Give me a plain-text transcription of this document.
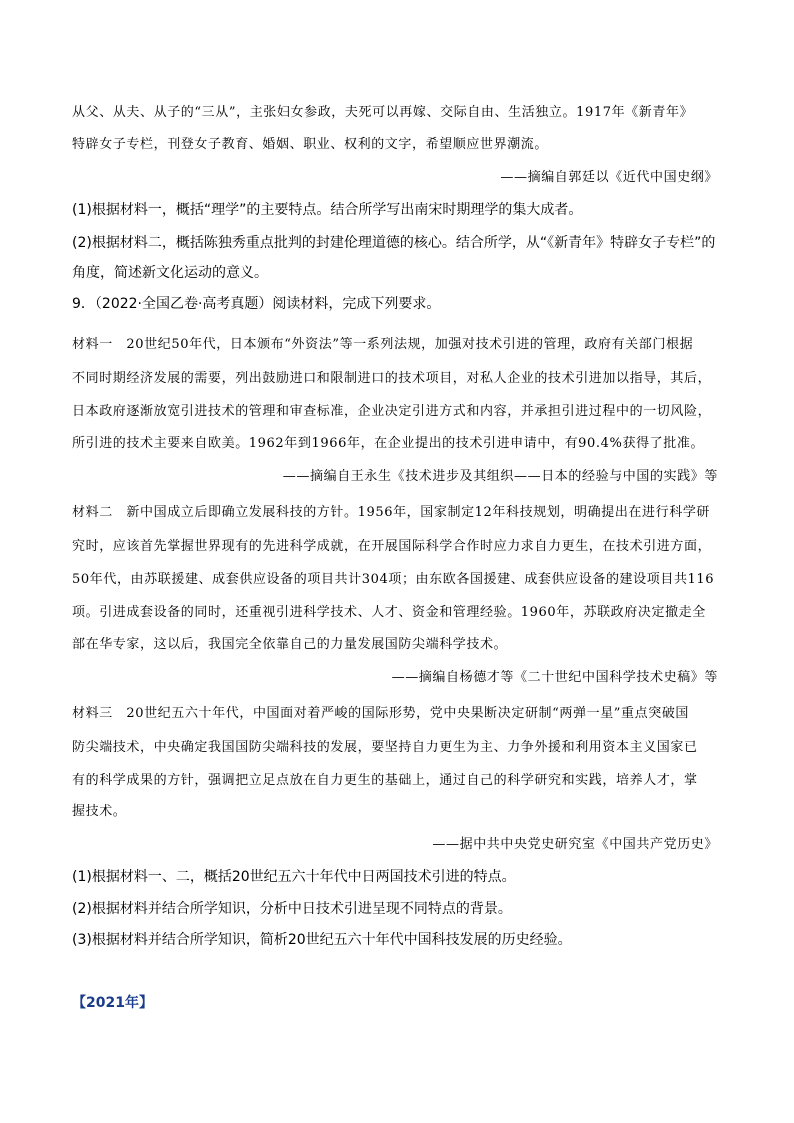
从父、从夫、从子的“三从”，主张妇女参政，夫死可以再嫁、交际自由、生活独立。1917年《新青年》
特辟女子专栏，刊登女子教育、婚姻、职业、权利的文字，希望顺应世界潮流。
——摘编自郭廷以《近代中国史纲》
(1)根据材料一，概括“理学”的主要特点。结合所学写出南宋时期理学的集大成者。
(2)根据材料二，概括陈独秀重点批判的封建伦理道德的核心。结合所学，从“《新青年》特辟女子专栏”的
角度，简述新文化运动的意义。
9．（2022·全国乙卷·高考真题）阅读材料，完成下列要求。
材料一　20世纪50年代，日本颁布“外资法”等一系列法规，加强对技术引进的管理，政府有关部门根据
不同时期经济发展的需要，列出鼓励进口和限制进口的技术项目，对私人企业的技术引进加以指导，其后，
日本政府逐渐放宽引进技术的管理和审查标准，企业决定引进方式和内容，并承担引进过程中的一切风险，
所引进的技术主要来自欧美。1962年到1966年，在企业提出的技术引进申请中，有90.4%获得了批准。
——摘编自王永生《技术进步及其组织——日本的经验与中国的实践》等
材料二　新中国成立后即确立发展科技的方针。1956年，国家制定12年科技规划，明确提出在进行科学研
究时，应该首先掌握世界现有的先进科学成就，在开展国际科学合作时应力求自力更生，在技术引进方面，
50年代，由苏联援建、成套供应设备的项目共计304项；由东欧各国援建、成套供应设备的建设项目共116
项。引进成套设备的同时，还重视引进科学技术、人才、资金和管理经验。1960年，苏联政府决定撤走全
部在华专家，这以后，我国完全依靠自己的力量发展国防尖端科学技术。
——摘编自杨德才等《二十世纪中国科学技术史稿》等
材料三　20世纪五六十年代，中国面对着严峻的国际形势，党中央果断决定研制“两弹一星”重点突破国
防尖端技术，中央确定我国国防尖端科技的发展，要坚持自力更生为主、力争外援和利用资本主义国家已
有的科学成果的方针，强调把立足点放在自力更生的基础上，通过自己的科学研究和实践，培养人才，掌
握技术。
——据中共中央党史研究室《中国共产党历史》
(1)根据材料一、二，概括20世纪五六十年代中日两国技术引进的特点。
(2)根据材料并结合所学知识，分析中日技术引进呈现不同特点的背景。
(3)根据材料并结合所学知识，简析20世纪五六十年代中国科技发展的历史经验。
【2021年】
